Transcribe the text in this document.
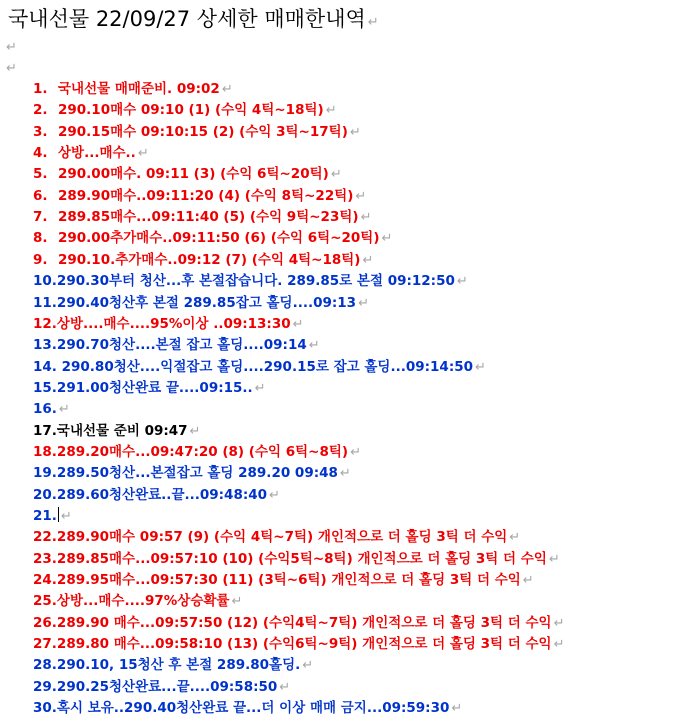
국내선물 22/09/27 상세한 매매한내역 ↵
↵
↵
1. 국내선물 매매준비. 09:02 ↵
2. 290.10매수 09:10 (1) (수익 4틱~18틱) ↵
3. 290.15매수 09:10:15 (2) (수익 3틱~17틱) ↵
4. 상방...매수.. ↵
5. 290.00매수. 09:11 (3) (수익 6틱~20틱) ↵
6. 289.90매수..09:11:20 (4) (수익 8틱~22틱) ↵
7. 289.85매수...09:11:40 (5) (수익 9틱~23틱) ↵
8. 290.00추가매수..09:11:50 (6) (수익 6틱~20틱) ↵
9. 290.10.추가매수..09:12 (7) (수익 4틱~18틱) ↵
10.290.30부터 청산...후 본절잡습니다. 289.85로 본절 09:12:50 ↵
11.290.40청산후 본절 289.85잡고 홀딩....09:13 ↵
12.상방....매수....95%이상 ..09:13:30 ↵
13.290.70청산....본절 잡고 홀딩....09:14 ↵
14. 290.80청산....익절잡고 홀딩....290.15로 잡고 홀딩...09:14:50 ↵
15.291.00청산완료 끝....09:15.. ↵
16. ↵
17.국내선물 준비 09:47 ↵
18.289.20매수...09:47:20 (8) (수익 6틱~8틱) ↵
19.289.50청산...본절잡고 홀딩 289.20 09:48 ↵
20.289.60청산완료..끝...09:48:40 ↵
21. ↵
22.289.90매수 09:57 (9) (수익 4틱~7틱) 개인적으로 더 홀딩 3틱 더 수익 ↵
23.289.85매수...09:57:10 (10) (수익5틱~8틱) 개인적으로 더 홀딩 3틱 더 수익 ↵
24.289.95매수...09:57:30 (11) (3틱~6틱) 개인적으로 더 홀딩 3틱 더 수익 ↵
25.상방...매수....97%상승확률 ↵
26.289.90 매수...09:57:50 (12) (수익4틱~7틱) 개인적으로 더 홀딩 3틱 더 수익 ↵
27.289.80 매수...09:58:10 (13) (수익6틱~9틱) 개인적으로 더 홀딩 3틱 더 수익 ↵
28.290.10, 15청산 후 본절 289.80홀딩. ↵
29.290.25청산완료...끝....09:58:50 ↵
30.혹시 보유..290.40청산완료 끝...더 이상 매매 금지...09:59:30 ↵
